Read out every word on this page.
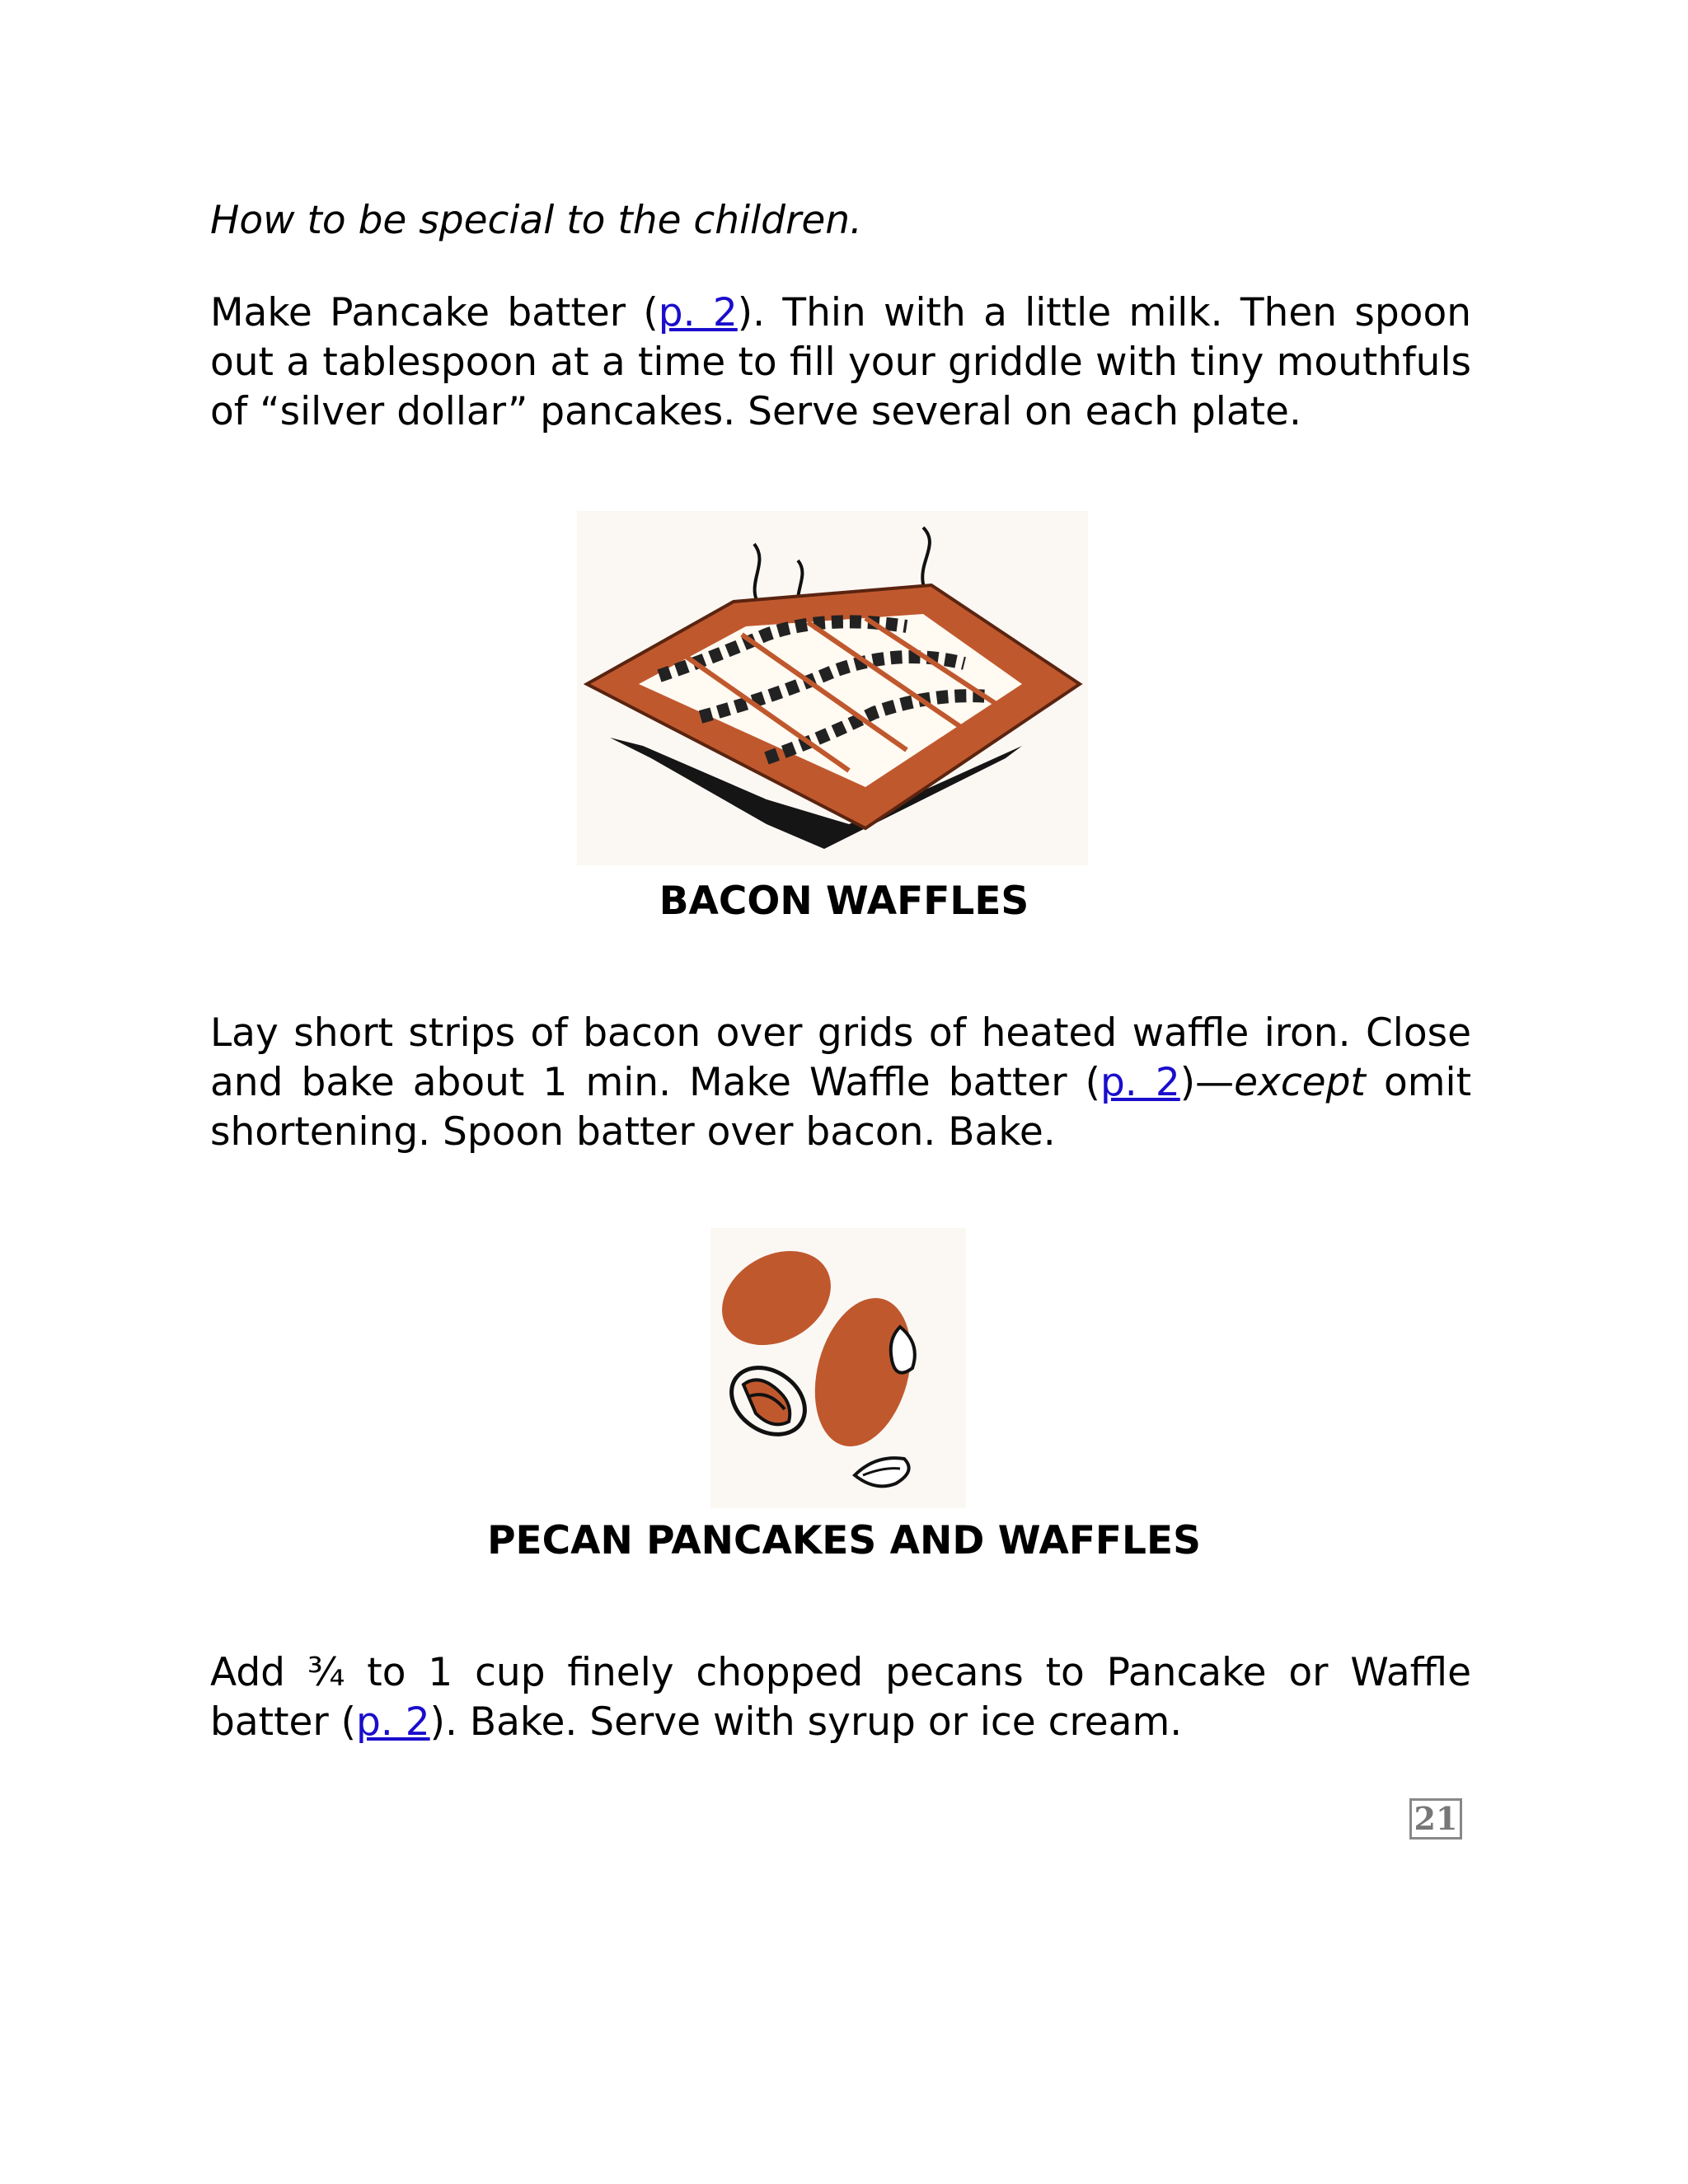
How to be special to the children.

Make Pancake batter (p. 2). Thin with a little milk. Then spoon out a tablespoon at a time to fill your griddle with tiny mouthfuls of “silver dollar” pancakes. Serve several on each plate.

BACON WAFFLES

Lay short strips of bacon over grids of heated waffle iron. Close and bake about 1 min. Make Waffle batter (p. 2)—except omit shortening. Spoon batter over bacon. Bake.

PECAN PANCAKES AND WAFFLES

Add ¾ to 1 cup finely chopped pecans to Pancake or Waffle batter (p. 2). Bake. Serve with syrup or ice cream.

21
